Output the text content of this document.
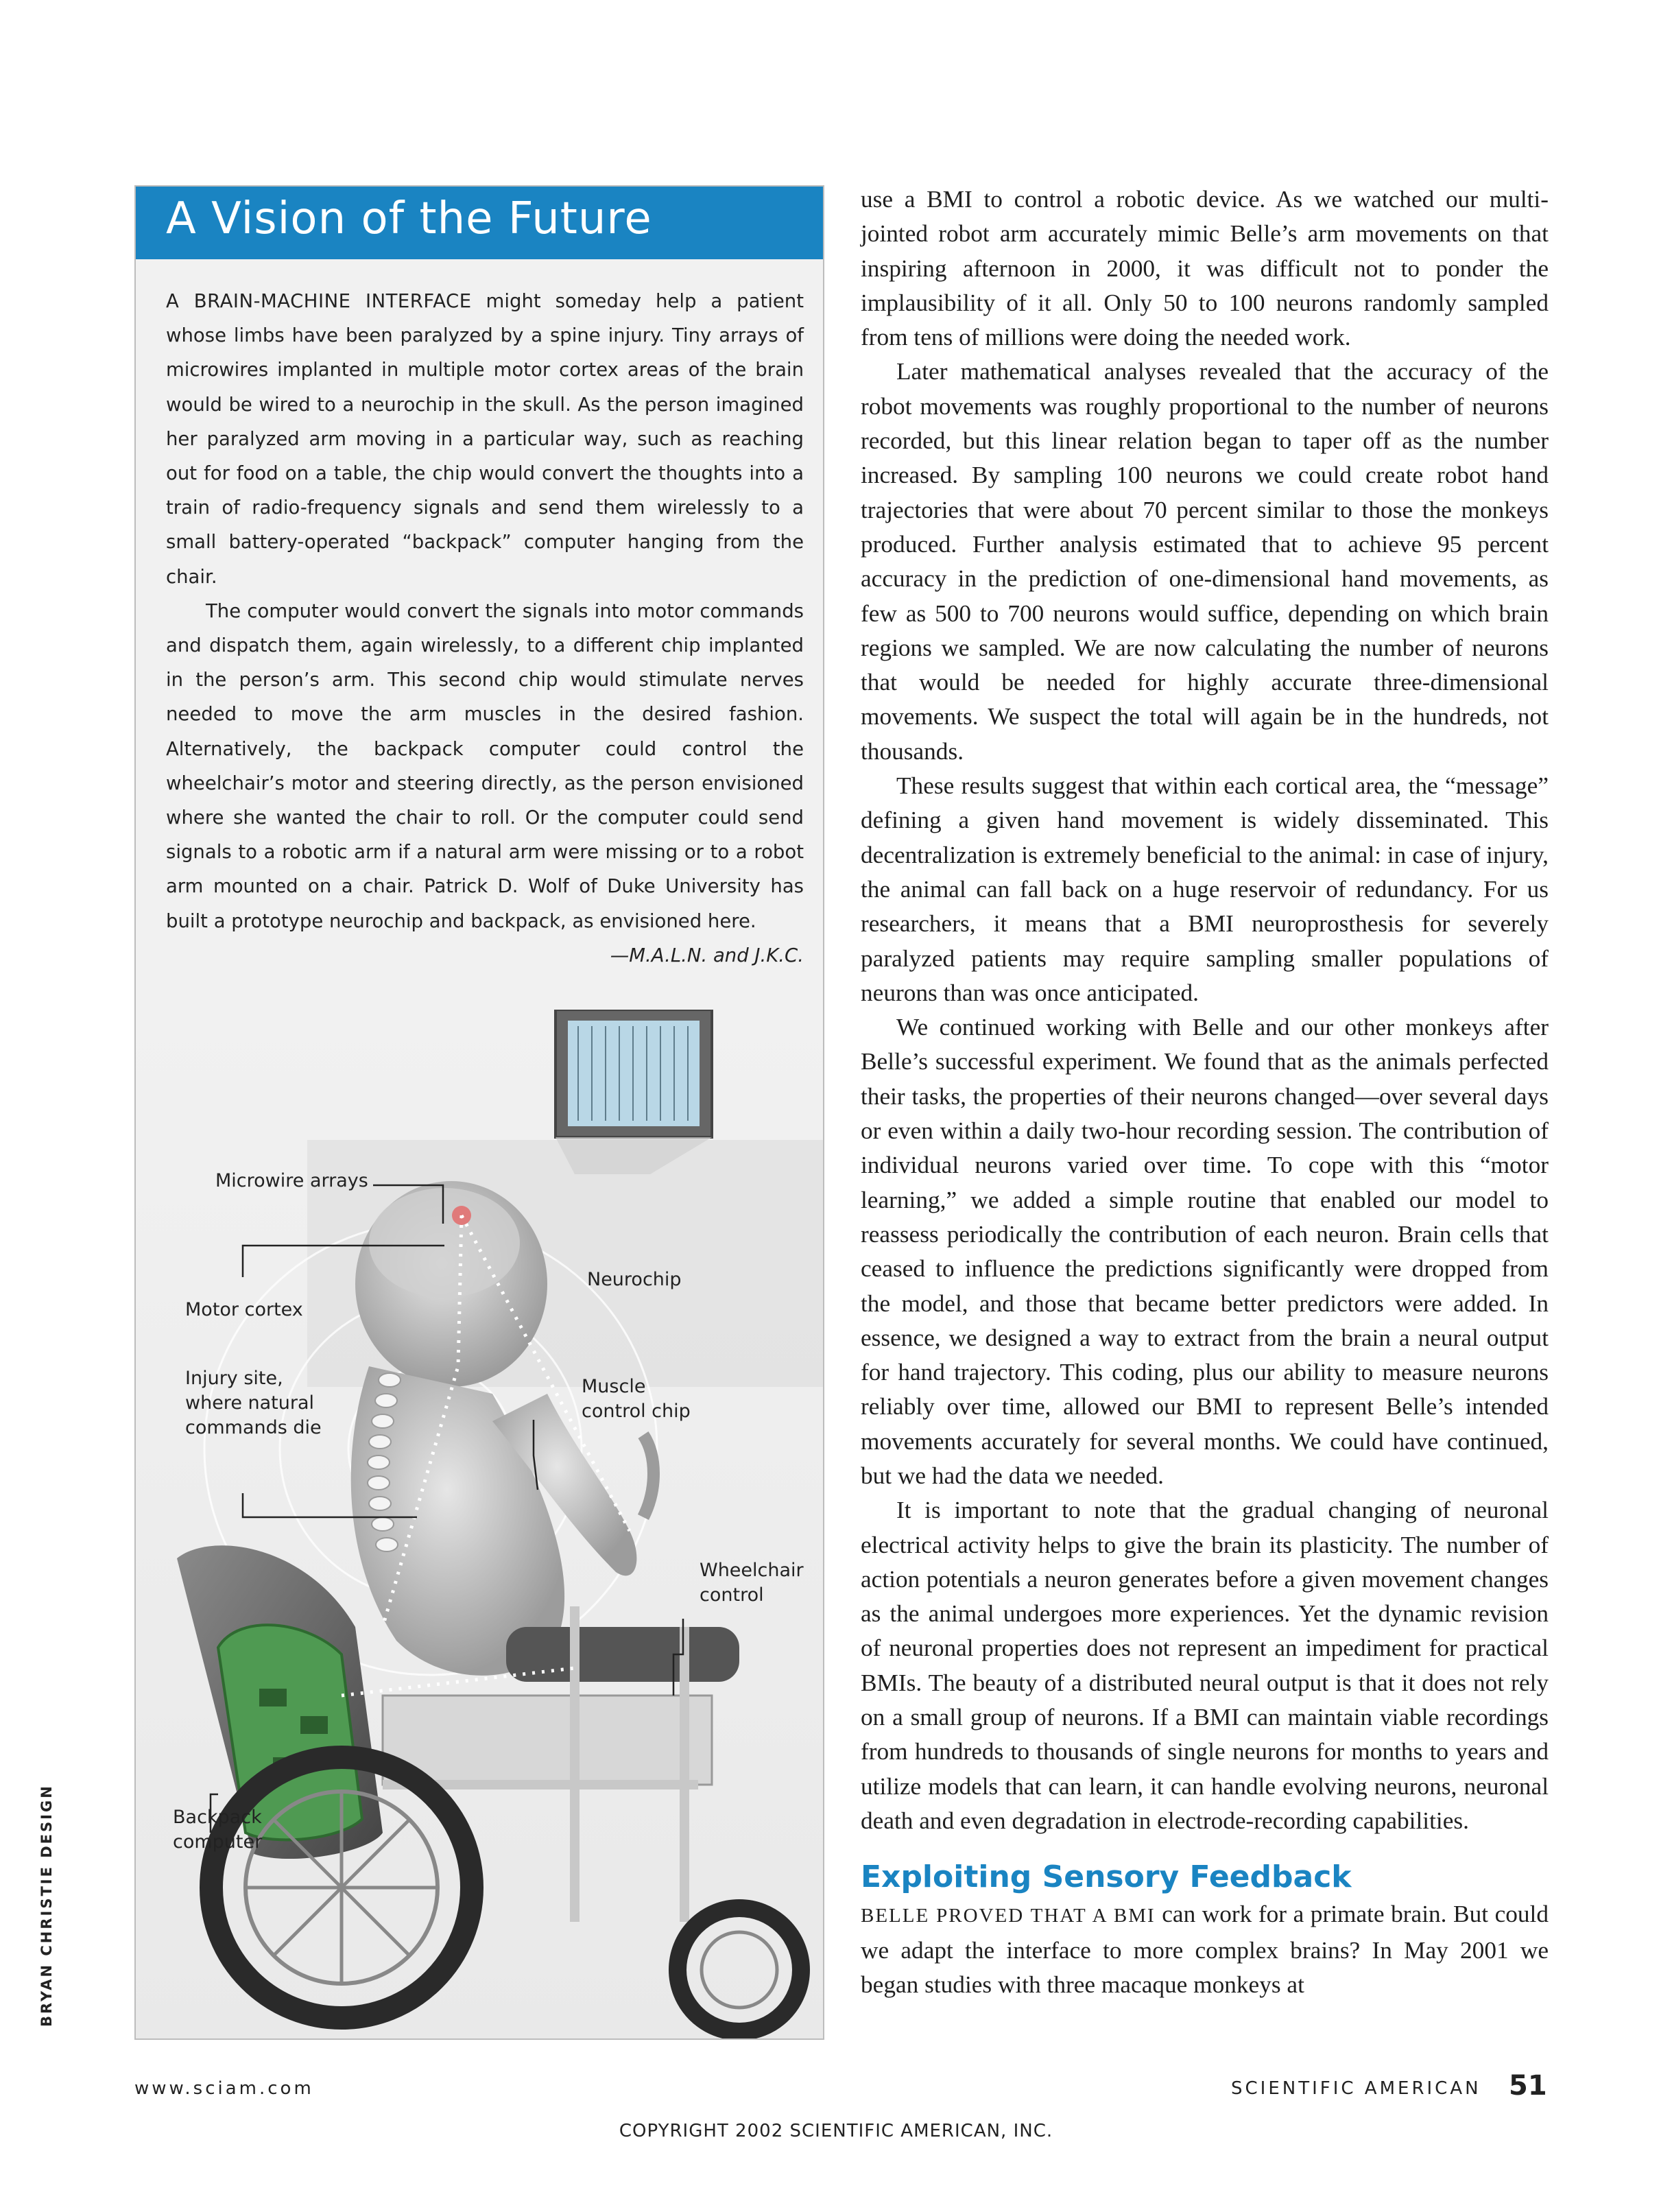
A Vision of the Future

A BRAIN-MACHINE INTERFACE might someday help a patient whose limbs have been paralyzed by a spine injury. Tiny arrays of microwires implanted in multiple motor cortex areas of the brain would be wired to a neurochip in the skull. As the person imagined her paralyzed arm moving in a particular way, such as reaching out for food on a table, the chip would convert the thoughts into a train of radio-frequency signals and send them wirelessly to a small battery-operated “backpack” computer hanging from the chair.

The computer would convert the signals into motor commands and dispatch them, again wirelessly, to a different chip implanted in the person’s arm. This second chip would stimulate nerves needed to move the arm muscles in the desired fashion. Alternatively, the backpack computer could control the wheelchair’s motor and steering directly, as the person envisioned where she wanted the chair to roll. Or the computer could send signals to a robotic arm if a natural arm were missing or to a robot arm mounted on a chair. Patrick D. Wolf of Duke University has built a prototype neurochip and backpack, as envisioned here.
—M.A.L.N. and J.K.C.

Microwire arrays
Neurochip
Motor cortex
Injury site,
where natural
commands die
Muscle
control chip
Wheelchair
control
Backpack
computer

use a BMI to control a robotic device. As we watched our multi-jointed robot arm accurately mimic Belle’s arm movements on that inspiring afternoon in 2000, it was difficult not to ponder the implausibility of it all. Only 50 to 100 neurons randomly sampled from tens of millions were doing the needed work.

Later mathematical analyses revealed that the accuracy of the robot movements was roughly proportional to the number of neurons recorded, but this linear relation began to taper off as the number increased. By sampling 100 neurons we could create robot hand trajectories that were about 70 percent similar to those the monkeys produced. Further analysis estimated that to achieve 95 percent accuracy in the prediction of one-dimensional hand movements, as few as 500 to 700 neurons would suffice, depending on which brain regions we sampled. We are now calculating the number of neurons that would be needed for highly accurate three-dimensional movements. We suspect the total will again be in the hundreds, not thousands.

These results suggest that within each cortical area, the “message” defining a given hand movement is widely disseminated. This decentralization is extremely beneficial to the animal: in case of injury, the animal can fall back on a huge reservoir of redundancy. For us researchers, it means that a BMI neuroprosthesis for severely paralyzed patients may require sampling smaller populations of neurons than was once anticipated.

We continued working with Belle and our other monkeys after Belle’s successful experiment. We found that as the animals perfected their tasks, the properties of their neurons changed—over several days or even within a daily two-hour recording session. The contribution of individual neurons varied over time. To cope with this “motor learning,” we added a simple routine that enabled our model to reassess periodically the contribution of each neuron. Brain cells that ceased to influence the predictions significantly were dropped from the model, and those that became better predictors were added. In essence, we designed a way to extract from the brain a neural output for hand trajectory. This coding, plus our ability to measure neurons reliably over time, allowed our BMI to represent Belle’s intended movements accurately for several months. We could have continued, but we had the data we needed.

It is important to note that the gradual changing of neuronal electrical activity helps to give the brain its plasticity. The number of action potentials a neuron generates before a given movement changes as the animal undergoes more experiences. Yet the dynamic revision of neuronal properties does not represent an impediment for practical BMIs. The beauty of a distributed neural output is that it does not rely on a small group of neurons. If a BMI can maintain viable recordings from hundreds to thousands of single neurons for months to years and utilize models that can learn, it can handle evolving neurons, neuronal death and even degradation in electrode-recording capabilities.

Exploiting Sensory Feedback

BELLE PROVED THAT A BMI can work for a primate brain. But could we adapt the interface to more complex brains? In May 2001 we began studies with three macaque monkeys at

BRYAN CHRISTIE DESIGN
www.sciam.com	SCIENTIFIC AMERICAN 51
COPYRIGHT 2002 SCIENTIFIC AMERICAN, INC.
